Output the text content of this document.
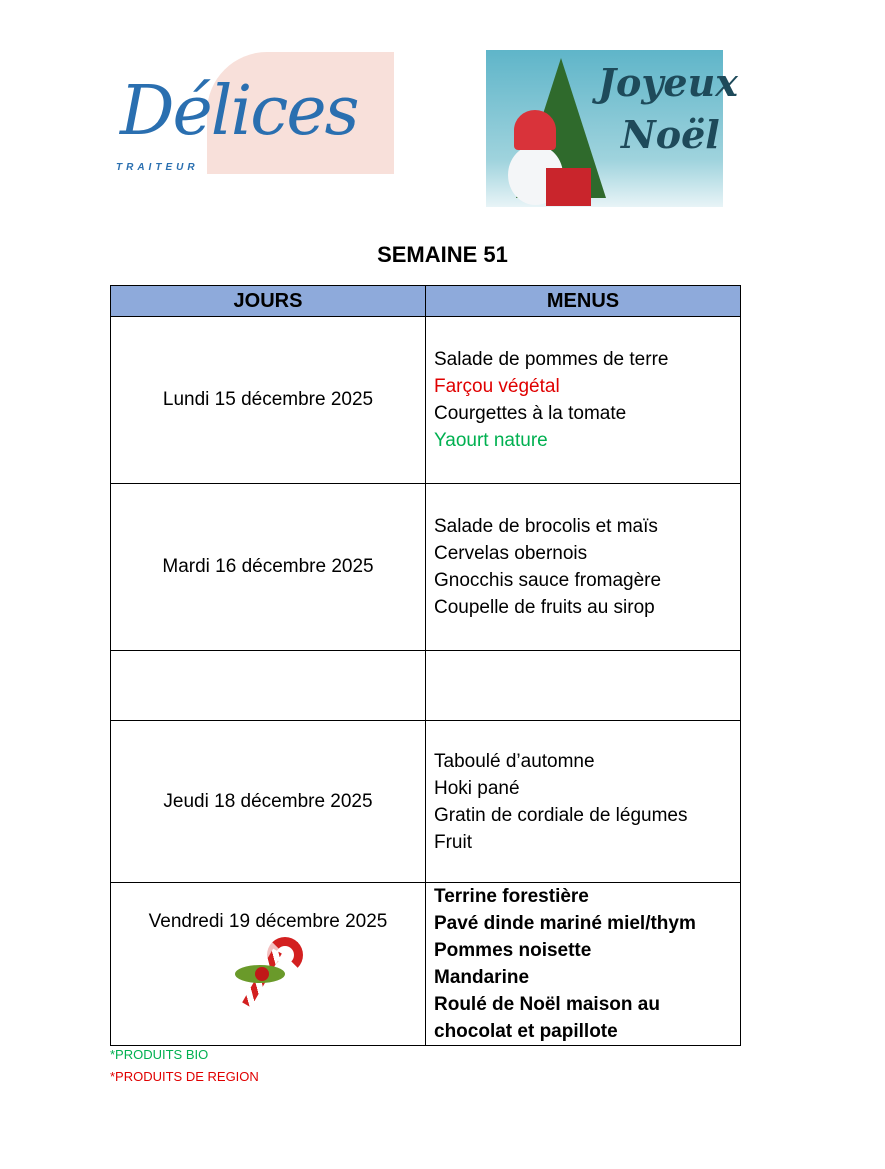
Délices
TRAITEUR
Joyeux
Noël
SEMAINE 51
JOURS	MENUS

Lundi 15 décembre 2025	Salade de pommes de terre
Farçou végétal
Courgettes à la tomate
Yaourt nature

Mardi 16 décembre 2025	Salade de brocolis et maïs
Cervelas obernois
Gnocchis sauce fromagère
Coupelle de fruits au sirop

Jeudi 18 décembre 2025	Taboulé d’automne
Hoki pané
Gratin de cordiale de légumes
Fruit

Vendredi 19 décembre 2025	Terrine forestière
Pavé dinde mariné miel/thym
Pommes noisette
Mandarine
Roulé de Noël maison au chocolat et papillote
*PRODUITS BIO
*PRODUITS DE REGION
